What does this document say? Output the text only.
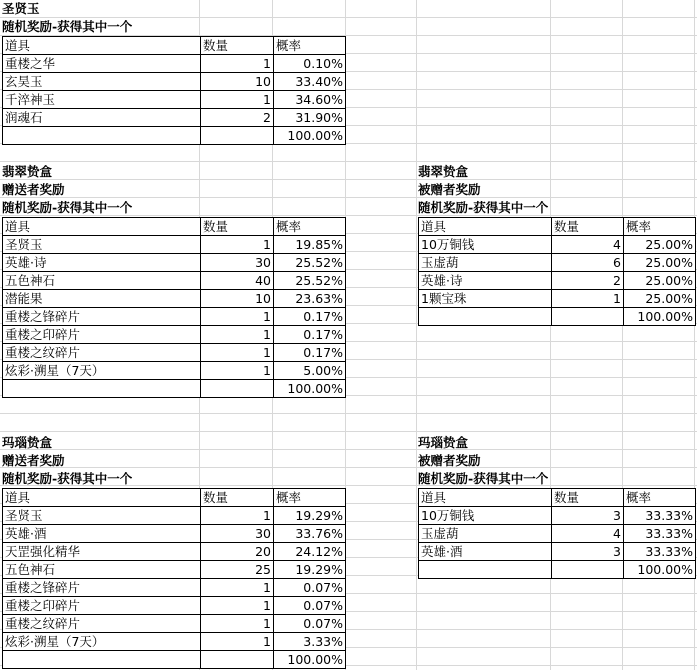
圣贤玉
随机奖励-获得其中一个
道具	数量	概率
重楼之华	1	0.10%
玄昊玉	10	33.40%
千淬神玉	1	34.60%
润魂石	2	31.90%
		100.00%
翡翠贽盒
赠送者奖励
随机奖励-获得其中一个
道具	数量	概率
圣贤玉	1	19.85%
英雄·诗	30	25.52%
五色神石	40	25.52%
潜能果	10	23.63%
重楼之锋碎片	1	0.17%
重楼之印碎片	1	0.17%
重楼之纹碎片	1	0.17%
炫彩·溯星（7天）	1	5.00%
		100.00%
翡翠贽盒
被赠者奖励
随机奖励-获得其中一个
道具	数量	概率
10万铜钱	4	25.00%
玉虚葫	6	25.00%
英雄·诗	2	25.00%
1颗宝珠	1	25.00%
		100.00%
玛瑙贽盒
赠送者奖励
随机奖励-获得其中一个
道具	数量	概率
圣贤玉	1	19.29%
英雄·酒	30	33.76%
天罡强化精华	20	24.12%
五色神石	25	19.29%
重楼之锋碎片	1	0.07%
重楼之印碎片	1	0.07%
重楼之纹碎片	1	0.07%
炫彩·溯星（7天）	1	3.33%
		100.00%
玛瑙贽盒
被赠者奖励
随机奖励-获得其中一个
道具	数量	概率
10万铜钱	3	33.33%
玉虚葫	4	33.33%
英雄·酒	3	33.33%
		100.00%
